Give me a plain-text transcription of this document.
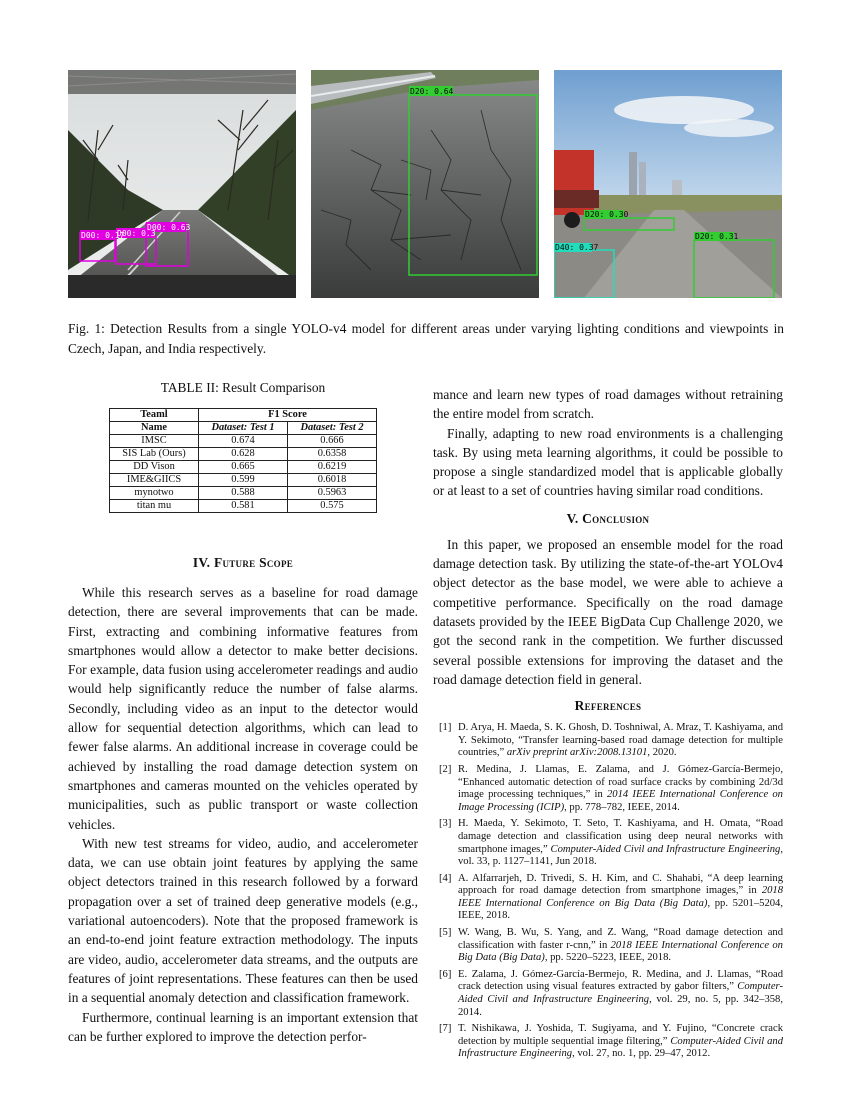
D00: 0.17
D00: 0.3
D00: 0.63
D20: 0.64
D20: 0.30
D20: 0.31
D40: 0.37
Fig. 1: Detection Results from a single YOLO-v4 model for different areas under varying lighting conditions and viewpoints in Czech, Japan, and India respectively.
TABLE II: Result Comparison
Teaml	F1 Score	
Name	Dataset: Test 1	Dataset: Test 2
IMSC	0.674	0.666
SIS Lab (Ours)	0.628	0.6358
DD Vison	0.665	0.6219
IME&GIICS	0.599	0.6018
mynotwo	0.588	0.5963
titan mu	0.581	0.575
IV. Future Scope

While this research serves as a baseline for road damage detection, there are several improvements that can be made. First, extracting and combining informative features from smartphones would allow a detector to make better decisions. For example, data fusion using accelerometer readings and audio would help significantly reduce the number of false alarms. Secondly, including video as an input to the detector would allow for sequential detection algorithms, which can lead to fewer false alarms. An additional increase in coverage could be achieved by installing the road damage detection system on smartphones and cameras mounted on the vehicles operated by municipalities, such as public transport or waste collection vehicles.

With new test streams for video, audio, and accelerometer data, we can use obtain joint features by applying the same object detectors trained in this research followed by a forward propagation over a set of trained deep generative models (e.g., variational autoencoders). Note that the proposed framework is an end-to-end joint feature extraction methodology. The inputs are video, audio, accelerometer data streams, and the outputs are features of joint representations. These features can then be used in a sequential anomaly detection and classification framework.

Furthermore, continual learning is an important extension that can be further explored to improve the detection perfor-

mance and learn new types of road damages without retraining the entire model from scratch.

Finally, adapting to new road environments is a challenging task. By using meta learning algorithms, it could be possible to propose a single standardized model that is applicable globally or at least to a set of countries having similar road conditions.

V. Conclusion

In this paper, we proposed an ensemble model for the road damage detection task. By utilizing the state-of-the-art YOLOv4 object detector as the base model, we were able to achieve a competitive performance. Specifically on the road damage datasets provided by the IEEE BigData Cup Challenge 2020, we got the second rank in the competition. We further discussed several possible extensions for improving the dataset and the road damage detection field in general.

References
[1] D. Arya, H. Maeda, S. K. Ghosh, D. Toshniwal, A. Mraz, T. Kashiyama, and Y. Sekimoto, “Transfer learning-based road damage detection for multiple countries,” arXiv preprint arXiv:2008.13101, 2020.
[2] R. Medina, J. Llamas, E. Zalama, and J. Gómez-García-Bermejo, “Enhanced automatic detection of road surface cracks by combining 2d/3d image processing techniques,” in 2014 IEEE International Conference on Image Processing (ICIP), pp. 778–782, IEEE, 2014.
[3] H. Maeda, Y. Sekimoto, T. Seto, T. Kashiyama, and H. Omata, “Road damage detection and classification using deep neural networks with smartphone images,” Computer-Aided Civil and Infrastructure Engineering, vol. 33, p. 1127–1141, Jun 2018.
[4] A. Alfarrarjeh, D. Trivedi, S. H. Kim, and C. Shahabi, “A deep learning approach for road damage detection from smartphone images,” in 2018 IEEE International Conference on Big Data (Big Data), pp. 5201–5204, IEEE, 2018.
[5] W. Wang, B. Wu, S. Yang, and Z. Wang, “Road damage detection and classification with faster r-cnn,” in 2018 IEEE International Conference on Big Data (Big Data), pp. 5220–5223, IEEE, 2018.
[6] E. Zalama, J. Gómez-García-Bermejo, R. Medina, and J. Llamas, “Road crack detection using visual features extracted by gabor filters,” Computer-Aided Civil and Infrastructure Engineering, vol. 29, no. 5, pp. 342–358, 2014.
[7] T. Nishikawa, J. Yoshida, T. Sugiyama, and Y. Fujino, “Concrete crack detection by multiple sequential image filtering,” Computer-Aided Civil and Infrastructure Engineering, vol. 27, no. 1, pp. 29–47, 2012.
